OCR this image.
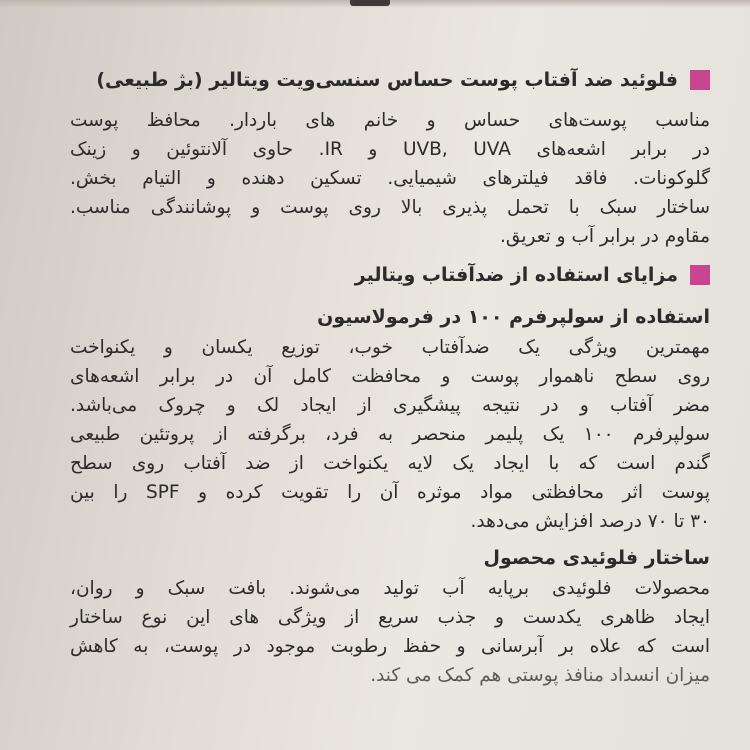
فلوئید ضد آفتاب پوست حساس سنسی‌ویت ویتالیر (بژ طبیعی)

مناسب پوست‌های حساس و خانم های باردار. محافظ پوست
در برابر اشعه‌های UVB, UVA و IR. حاوی آلانتوئین و زینک
گلوکونات. فاقد فیلترهای شیمیایی. تسکین دهنده و التیام بخش.
ساختار سبک با تحمل پذیری بالا روی پوست و پوشانندگی مناسب.
مقاوم در برابر آب و تعریق.

مزایای استفاده از ضدآفتاب ویتالیر

استفاده از سولپرفرم ۱۰۰ در فرمولاسیون

مهمترین ویژگی یک ضدآفتاب خوب، توزیع یکسان و یکنواخت
روی سطح ناهموار پوست و محافظت کامل آن در برابر اشعه‌های
مضر آفتاب و در نتیجه پیشگیری از ایجاد لک و چروک می‌باشد.
سولپرفرم ۱۰۰ یک پلیمر منحصر به فرد، برگرفته از پروتئین طبیعی
گندم است که با ایجاد یک لایه یکنواخت از ضد آفتاب روی سطح
پوست اثر محافظتی مواد موثره آن را تقویت کرده و SPF را بین
۳۰ تا ۷۰ درصد افزایش می‌دهد.

ساختار فلوئیدی محصول

محصولات فلوئیدی برپایه آب تولید می‌شوند. بافت سبک و روان،
ایجاد ظاهری یکدست و جذب سریع از ویژگی های این نوع ساختار
است که علاه بر آبرسانی و حفظ رطوبت موجود در پوست، به کاهش
میزان انسداد منافذ پوستی هم کمک می کند.
